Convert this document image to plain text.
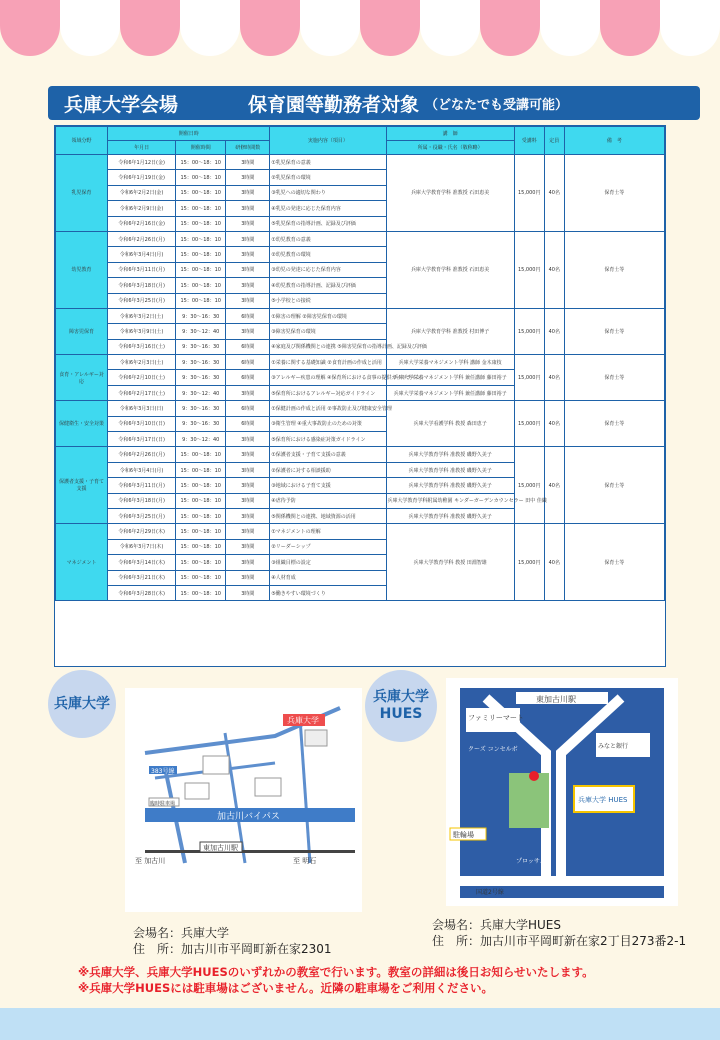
兵庫大学会場	保育園等勤務者対象 （どなたでも受講可能）
領域分野	開催日時			実施内容（項目）	講　師	受講料	定員	備　考
	年月日	開催時間	研修時間数		所属・役職・氏名（敬称略）			
乳児保育	令和6年1月12日(金)	15：00～18：10	3時間	①乳児保育の意義	兵庫大学教育学科 准教授 石田恵美	15,000円	40名	保育士等
	令和6年1月19日(金)	15：00～18：10	3時間	②乳児保育の環境				
	令和6年2月2日(金)	15：00～18：10	3時間	③乳児への適切な関わり				
	令和6年2月9日(金)	15：00～18：10	3時間	④乳児の発達に応じた保育内容				
	令和6年2月16日(金)	15：00～18：10	3時間	⑤乳児保育の指導計画、記録及び評価				
幼児教育	令和6年2月26日(月)	15：00～18：10	3時間	①幼児教育の意義	兵庫大学教育学科 准教授 石田恵美	15,000円	40名	保育士等
	令和6年3月4日(月)	15：00～18：10	3時間	②幼児教育の環境				
	令和6年3月11日(月)	15：00～18：10	3時間	③幼児の発達に応じた保育内容				
	令和6年3月18日(月)	15：00～18：10	3時間	④幼児教育の指導計画、記録及び評価				
	令和6年3月25日(月)	15：00～18：10	3時間	⑤小学校との接続				
障害児保育	令和6年3月2日(土)	9：30～16：30	6時間	①障害の理解 ②障害児保育の環境	兵庫大学教育学科 准教授 村田博子	15,000円	40名	保育士等
	令和6年3月9日(土)	9：30～12：40	3時間	③障害児保育の環境				
	令和6年3月16日(土)	9：30～16：30	6時間	④家庭及び関係機関との連携 ⑤障害児保育の指導計画、記録及び評価				
食育・アレルギー対応	令和6年2月3日(土)	9：30～16：30	6時間	①栄養に関する基礎知識 ②食育計画の作成と活用	兵庫大学栄養マネジメント学科 講師 金木康枝	15,000円	40名	保育士等
	令和6年2月10日(土)	9：30～16：30	6時間	③アレルギー疾患の理解 ④保育所における食事の提供ガイドライン	兵庫大学栄養マネジメント学科 兼任講師 藤田裕子			
	令和6年2月17日(土)	9：30～12：40	3時間	⑤保育所におけるアレルギー対応ガイドライン	兵庫大学栄養マネジメント学科 兼任講師 藤田裕子			
保健衛生・安全対策	令和6年3月3日(日)	9：30～16：30	6時間	①保健計画の作成と活用 ②事故防止及び健康安全管理	兵庫大学看護学科 教授 森田恵子	15,000円	40名	保育士等
	令和6年3月10日(日)	9：30～16：30	6時間	③衛生管理 ④重大事故防止のための対策				
	令和6年3月17日(日)	9：30～12：40	3時間	⑤保育所における感染症対策ガイドライン				
保護者支援・子育て支援	令和6年2月26日(月)	15：00～18：10	3時間	①保護者支援・子育て支援の意義	兵庫大学教育学科 准教授 磯野久美子	15,000円	40名	保育士等
	令和6年3月4日(月)	15：00～18：10	3時間	②保護者に対する相談援助	兵庫大学教育学科 准教授 磯野久美子			
	令和6年3月11日(月)	15：00～18：10	3時間	③地域における子育て支援	兵庫大学教育学科 准教授 磯野久美子			
	令和6年3月18日(月)	15：00～18：10	3時間	④虐待予防	兵庫大学教育学科附属幼稚園 キンダーガーデンカウンセラー 田中 佳織			
	令和6年3月25日(月)	15：00～18：10	3時間	⑤関係機関との連携、地域資源の活用	兵庫大学教育学科 准教授 磯野久美子			
マネジメント	令和6年2月29日(木)	15：00～18：10	3時間	①マネジメントの理解	兵庫大学教育学科 教授 田淵智雄	15,000円	40名	保育士等
	令和6年3月7日(木)	15：00～18：10	3時間	②リーダーシップ				
	令和6年3月14日(木)	15：00～18：10	3時間	③組織目標の設定				
	令和6年3月21日(木)	15：00～18：10	3時間	④人材育成				
	令和6年3月28日(木)	15：00～18：10	3時間	⑤働きやすい環境づくり				
兵庫大学
加古川バイパス
東加古川駅
至 加古川	至 明石
兵庫大学
383号線
臨時駐車場
会場名：兵庫大学
住　所：加古川市平岡町新在家2301
兵庫大学 HUES
東加古川駅
ファミリーマート
クーズ コンセルボ	みなと銀行
兵庫大学 HUES
駐輪場
プロッサム
国道2号線
会場名：兵庫大学HUES
住　所：加古川市平岡町新在家2丁目273番2-1
※兵庫大学、兵庫大学HUESのいずれかの教室で行います。教室の詳細は後日お知らせいたします。
※兵庫大学HUESには駐車場はございません。近隣の駐車場をご利用ください。
